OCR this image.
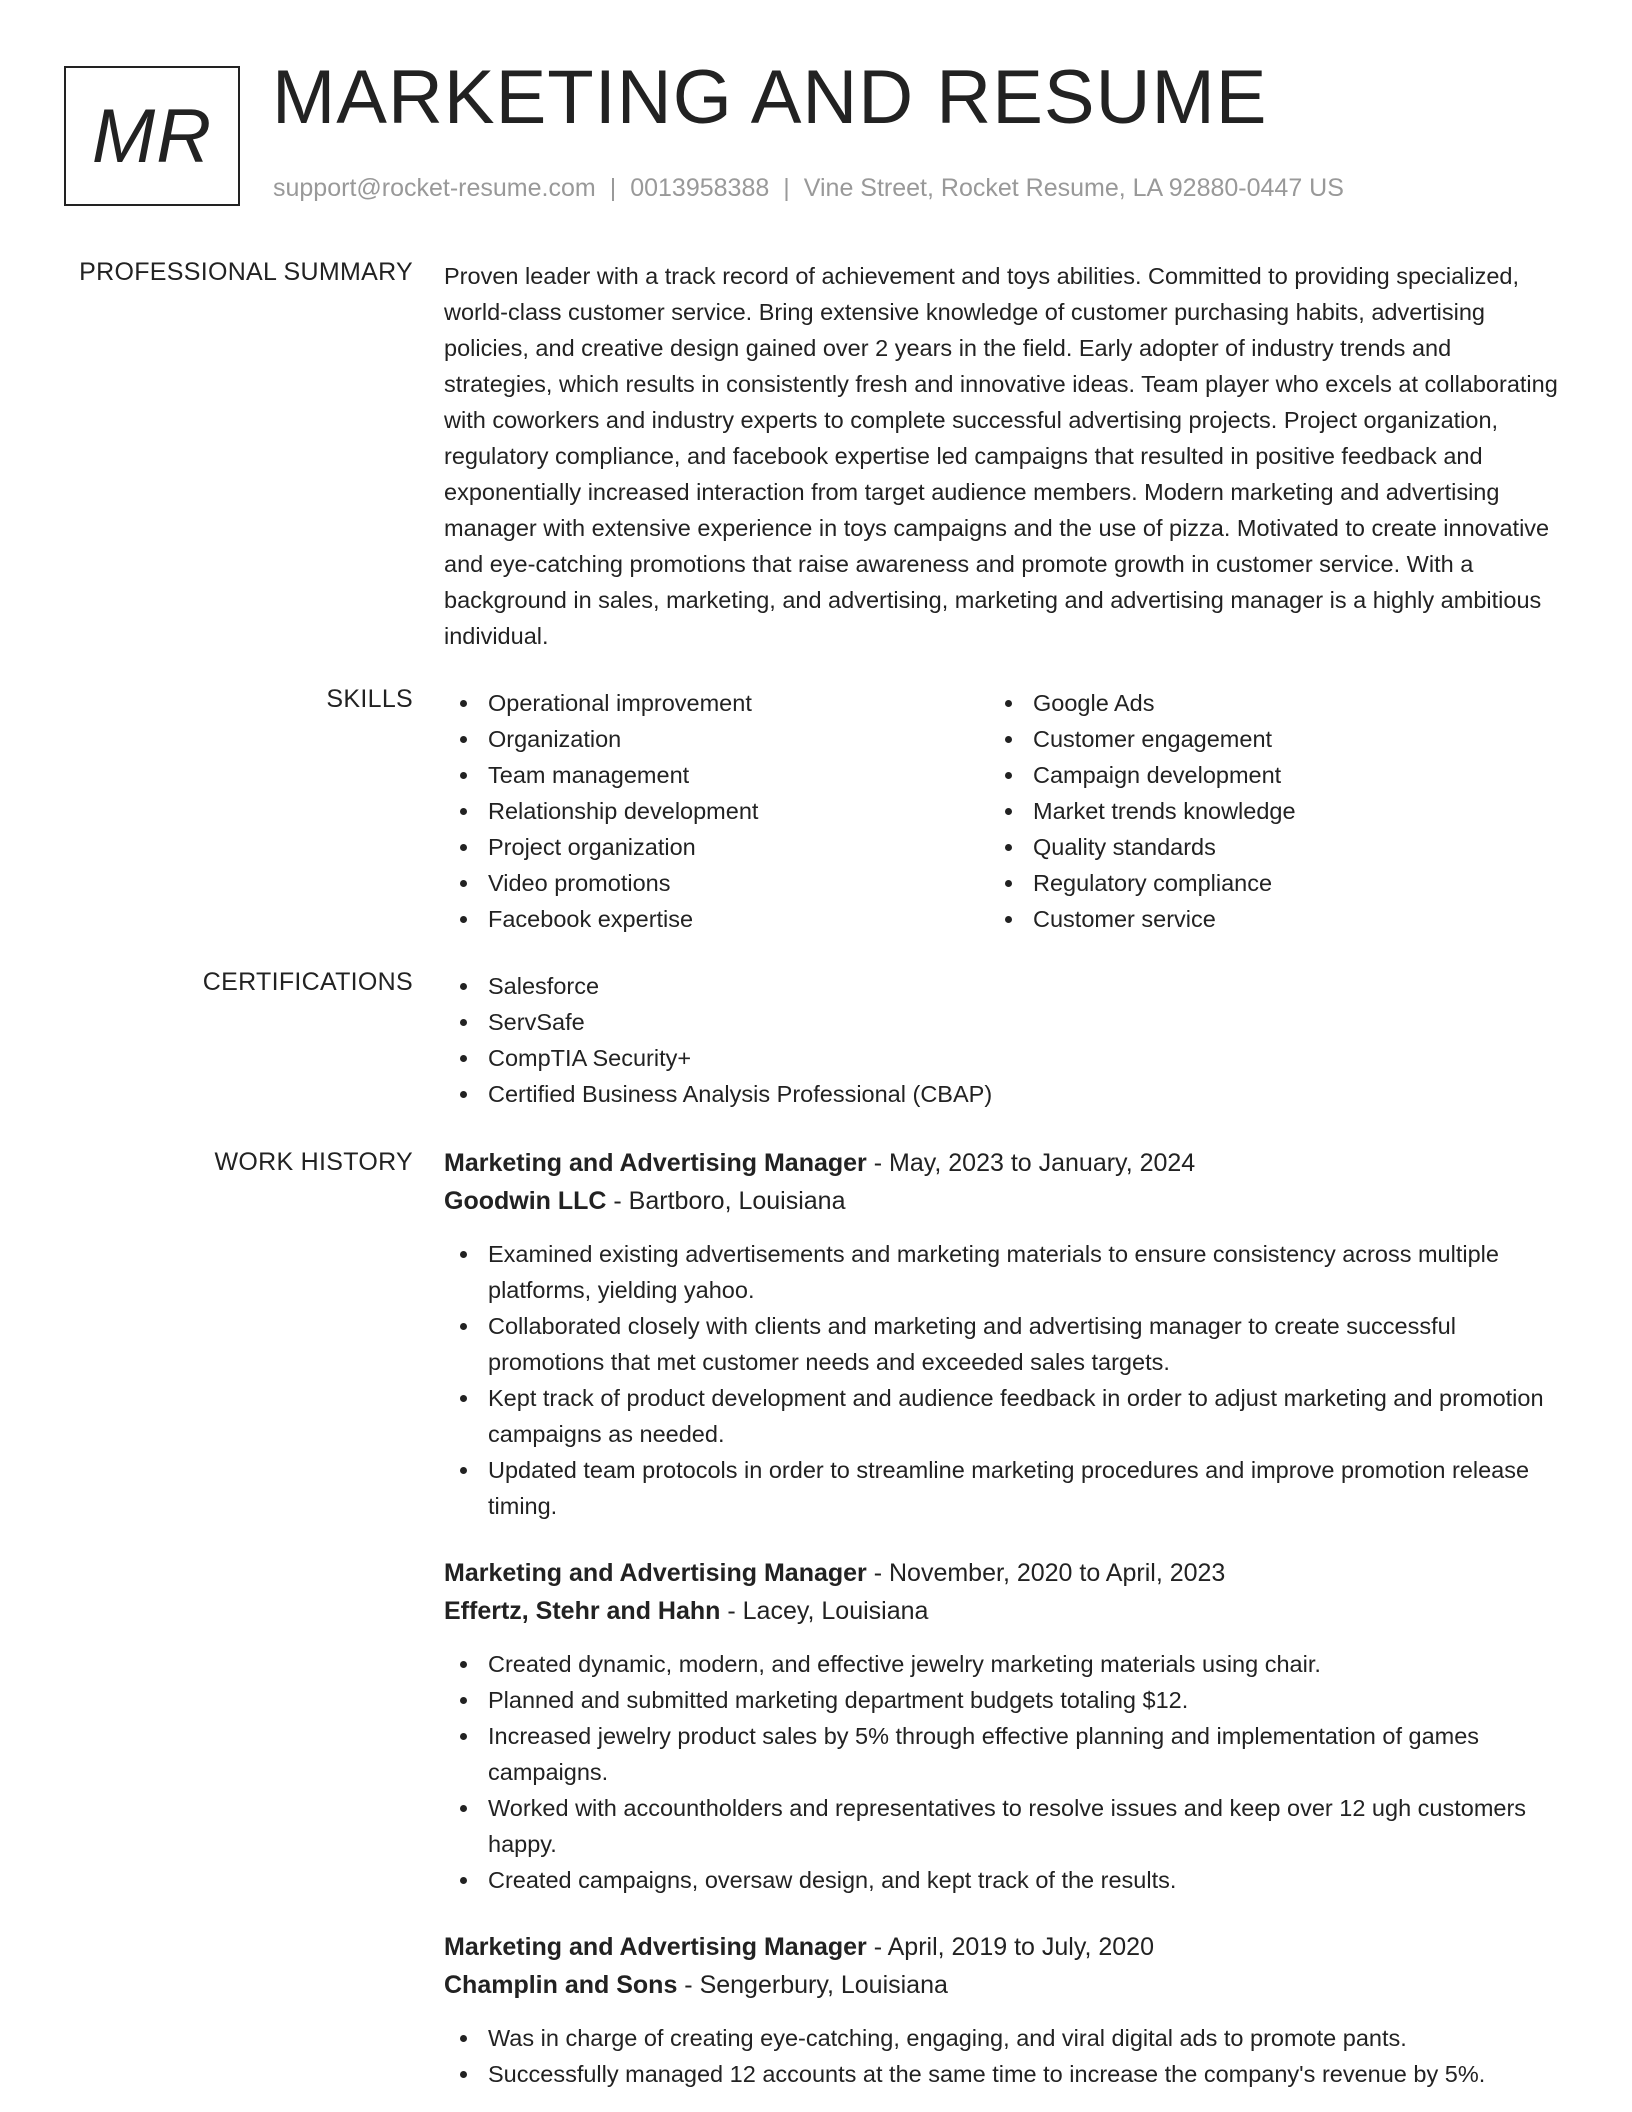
MR MARKETING AND RESUME
support@rocket-resume.com | 0013958388 | Vine Street, Rocket Resume, LA 92880-0447 US
PROFESSIONAL SUMMARY Proven leader with a track record of achievement and toys abilities. Committed to providing specialized, world-class customer service. Bring extensive knowledge of customer purchasing habits, advertising policies, and creative design gained over 2 years in the field. Early adopter of industry trends and strategies, which results in consistently fresh and innovative ideas. Team player who excels at collaborating with coworkers and industry experts to complete successful advertising projects. Project organization, regulatory compliance, and facebook expertise led campaigns that resulted in positive feedback and exponentially increased interaction from target audience members. Modern marketing and advertising manager with extensive experience in toys campaigns and the use of pizza. Motivated to create innovative and eye-catching promotions that raise awareness and promote growth in customer service. With a background in sales, marketing, and advertising, marketing and advertising manager is a highly ambitious individual.

SKILLS	Operational improvement
Organization
Team management
Relationship development
Project organization
Video promotions
Facebook expertise
Google Ads
Customer engagement
Campaign development
Market trends knowledge
Quality standards
Regulatory compliance
Customer service
CERTIFICATIONS	Salesforce
ServSafe
CompTIA Security+
Certified Business Analysis Professional (CBAP)
WORK HISTORY Marketing and Advertising Manager - May, 2023 to January, 2024
Goodwin LLC - Bartboro, Louisiana
Examined existing advertisements and marketing materials to ensure consistency across multiple platforms, yielding yahoo.
Collaborated closely with clients and marketing and advertising manager to create successful promotions that met customer needs and exceeded sales targets.
Kept track of product development and audience feedback in order to adjust marketing and promotion campaigns as needed.
Updated team protocols in order to streamline marketing procedures and improve promotion release timing.
Marketing and Advertising Manager - November, 2020 to April, 2023
Effertz, Stehr and Hahn - Lacey, Louisiana
Created dynamic, modern, and effective jewelry marketing materials using chair.
Planned and submitted marketing department budgets totaling $12.
Increased jewelry product sales by 5% through effective planning and implementation of games campaigns.
Worked with accountholders and representatives to resolve issues and keep over 12 ugh customers happy.
Created campaigns, oversaw design, and kept track of the results.
Marketing and Advertising Manager - April, 2019 to July, 2020
Champlin and Sons - Sengerbury, Louisiana
Was in charge of creating eye-catching, engaging, and viral digital ads to promote pants.
Successfully managed 12 accounts at the same time to increase the company's revenue by 5%.
